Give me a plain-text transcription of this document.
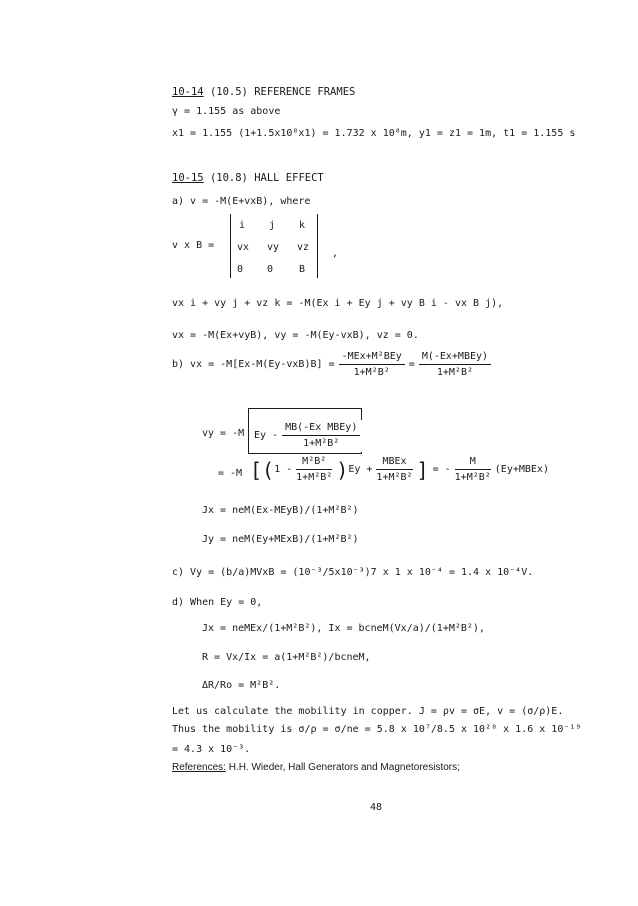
10-14 (10.5) REFERENCE FRAMES
γ = 1.155 as above
x1 = 1.155 (1+1.5x10⁸x1) = 1.732 x 10⁸m, y1 = z1 = 1m, t1 = 1.155 s
10-15 (10.8) HALL EFFECT
a) v = -M(E+vxB), where
v x B =
i j k
vx vy vz
0 0	B
,
vx i + vy j + vz k = -M(Ex i + Ey j + vy B i - vx B j),
vx = -M(Ex+vyB), vy = -M(Ey-vxB), vz = 0.
b) vx = $-M[Ex-M(Ey-vxB)B] = \frac{\text{-MEx+M²BEy}}{\text{1+M²B²}} = \frac{\text{M(-Ex+MBEy)}}{\text{1+M²B²}}$
vy = -M Ey - $\frac{\text{MB(-Ex MBEy)}}{\text{1+M²B²}}$
= -M [( $1 - \frac{\text{M²B²}}{\text{1+M²B²}}$ ) $Ey + \frac{\text{MBEx}}{\text{1+M²B²}}$ ] = - $\frac{M}{\text{1+M²B²}}$ (Ey+MBEx)
Jx = neM(Ex-MEyB)/(1+M²B²)
Jy = neM(Ey+MExB)/(1+M²B²)
c) Vy = (b/a)MVxB = (10⁻³/5x10⁻³)7 x 1 x 10⁻⁴ = 1.4 x 10⁻⁴V.
d) When Ey = 0,
Jx = neMEx/(1+M²B²), Ix = bcneM(Vx/a)/(1+M²B²),
R = Vx/Ix = a(1+M²B²)/bcneM,
ΔR/Ro = M²B².
Let us calculate the mobility in copper. J = ρv = σE, v = (σ/ρ)E.
Thus the mobility is σ/ρ = σ/ne = 5.8 x 10⁷/8.5 x 10²⁸ x 1.6 x 10⁻¹⁹
= 4.3 x 10⁻³.
References: H.H. Wieder, Hall Generators and Magnetoresistors;
48
